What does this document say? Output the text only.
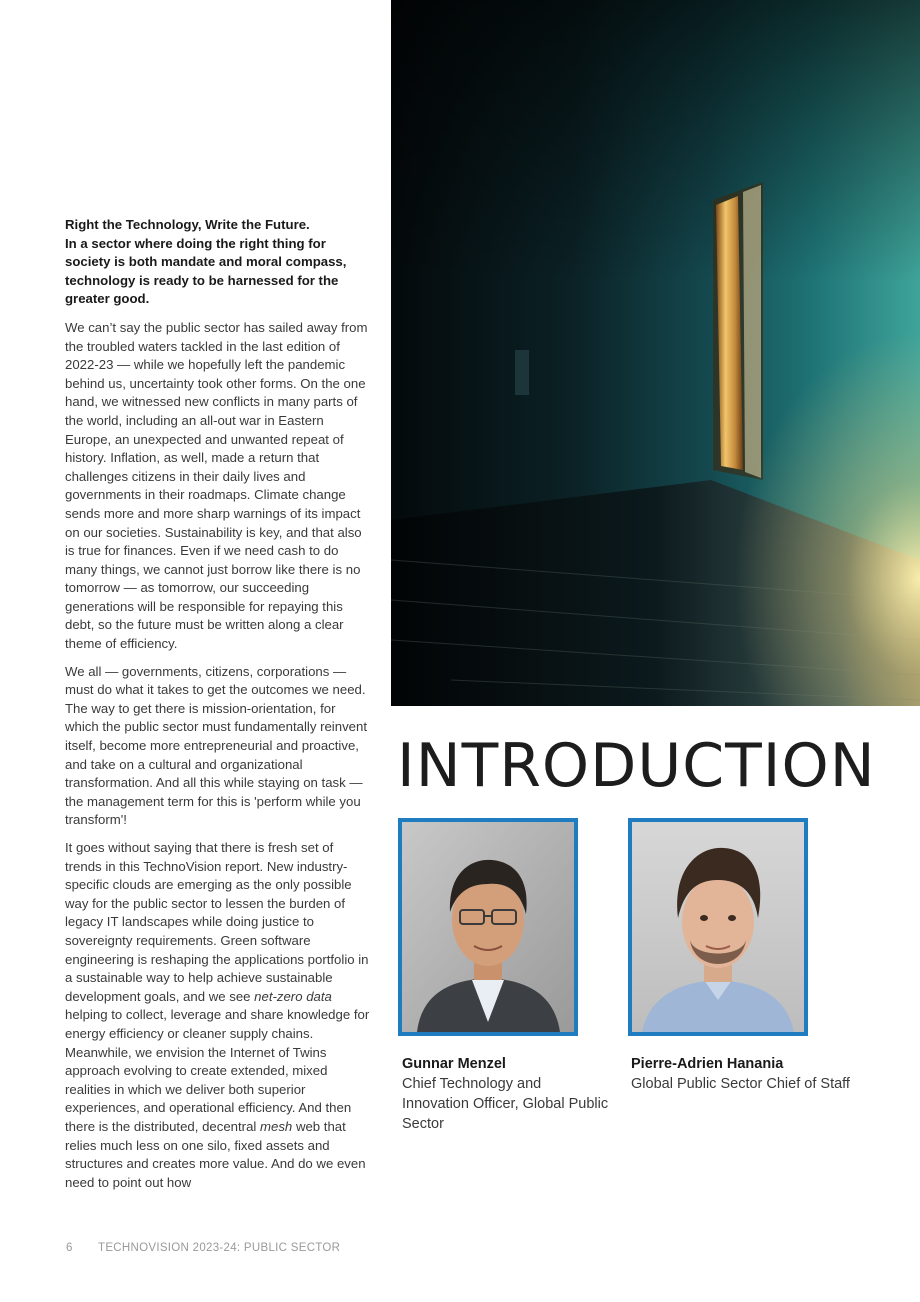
Right the Technology, Write the Future.
In a sector where doing the right thing for society is both mandate and moral compass, technology is ready to be harnessed for the greater good.

We can’t say the public sector has sailed away from the troubled waters tackled in the last edition of 2022-23 — while we hopefully left the pandemic behind us, uncertainty took other forms. On the one hand, we witnessed new conflicts in many parts of the world, including an all-out war in Eastern Europe, an unexpected and unwanted repeat of history. Inflation, as well, made a return that challenges citizens in their daily lives and governments in their roadmaps. Climate change sends more and more sharp warnings of its impact on our societies. Sustainability is key, and that also is true for finances. Even if we need cash to do many things, we cannot just borrow like there is no tomorrow — as tomorrow, our succeeding generations will be responsible for repaying this debt, so the future must be written along a clear theme of efficiency.

We all — governments, citizens, corporations — must do what it takes to get the outcomes we need. The way to get there is mission-orientation, for which the public sector must fundamentally reinvent itself, become more entrepreneurial and proactive, and take on a cultural and organizational transformation. And all this while staying on task — the management term for this is 'perform while you transform'!

It goes without saying that there is fresh set of trends in this TechnoVision report. New industry-specific clouds are emerging as the only possible way for the public sector to lessen the burden of legacy IT landscapes while doing justice to sovereignty requirements. Green software engineering is reshaping the applications portfolio in a sustainable way to help achieve sustainable development goals, and we see net-zero data helping to collect, leverage and share knowledge for energy efficiency or cleaner supply chains. Meanwhile, we envision the Internet of Twins approach evolving to create extended, mixed realities in which we deliver both superior experiences, and operational efficiency. And then there is the distributed, decentral mesh web that relies much less on one silo, fixed assets and structures and creates more value. And do we even need to point out how

INTRODUCTION
Gunnar Menzel
Chief Technology and Innovation Officer, Global Public Sector
Pierre-Adrien Hanania
Global Public Sector Chief of Staff
6 TECHNOVISION 2023-24: PUBLIC SECTOR
